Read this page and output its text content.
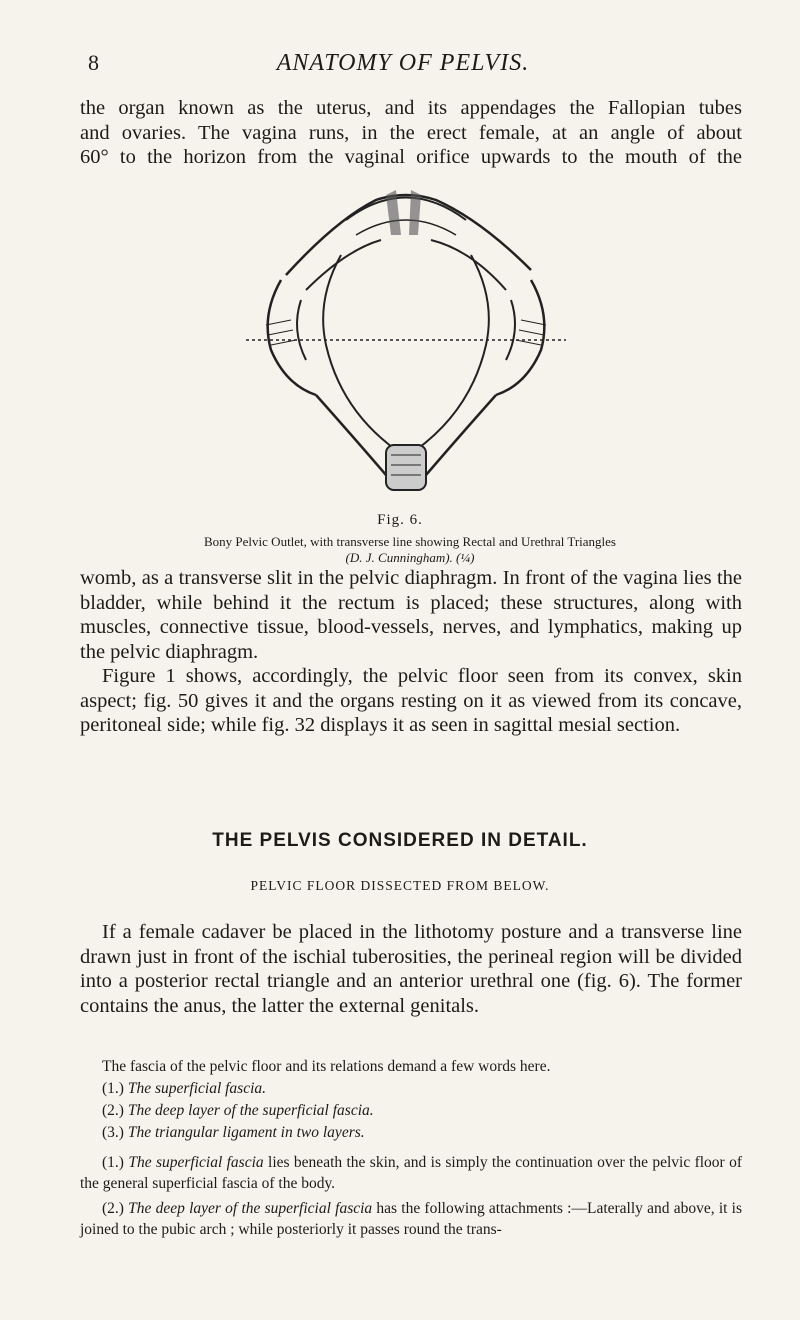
8	ANATOMY OF PELVIS.
the organ known as the uterus, and its appendages the Fallopian tubes
and ovaries. The vagina runs, in the erect female, at an angle of about
60° to the horizon from the vaginal orifice upwards to the mouth of the
Fig. 6.
Bony Pelvic Outlet, with transverse line showing Rectal and Urethral Triangles
(D. J. Cunningham). (¼)

womb, as a transverse slit in the pelvic diaphragm. In front of the vagina lies the bladder, while behind it the rectum is placed; these structures, along with muscles, connective tissue, blood-vessels, nerves, and lymphatics, making up the pelvic diaphragm.

Figure 1 shows, accordingly, the pelvic floor seen from its convex, skin aspect; fig. 50 gives it and the organs resting on it as viewed from its concave, peritoneal side; while fig. 32 displays it as seen in sagittal mesial section.

THE PELVIS CONSIDERED IN DETAIL.
PELVIC FLOOR DISSECTED FROM BELOW.
If a female cadaver be placed in the lithotomy posture and a transverse line drawn just in front of the ischial tuberosities, the perineal region will be divided into a posterior rectal triangle and an anterior urethral one (fig. 6). The former contains the anus, the latter the external genitals.
The fascia of the pelvic floor and its relations demand a few words here.
(1.) The superficial fascia.
(2.) The deep layer of the superficial fascia.
(3.) The triangular ligament in two layers.
(1.) The superficial fascia lies beneath the skin, and is simply the continuation over the pelvic floor of the general superficial fascia of the body.
(2.) The deep layer of the superficial fascia has the following attachments :—Laterally and above, it is joined to the pubic arch ; while posteriorly it passes round the trans-
